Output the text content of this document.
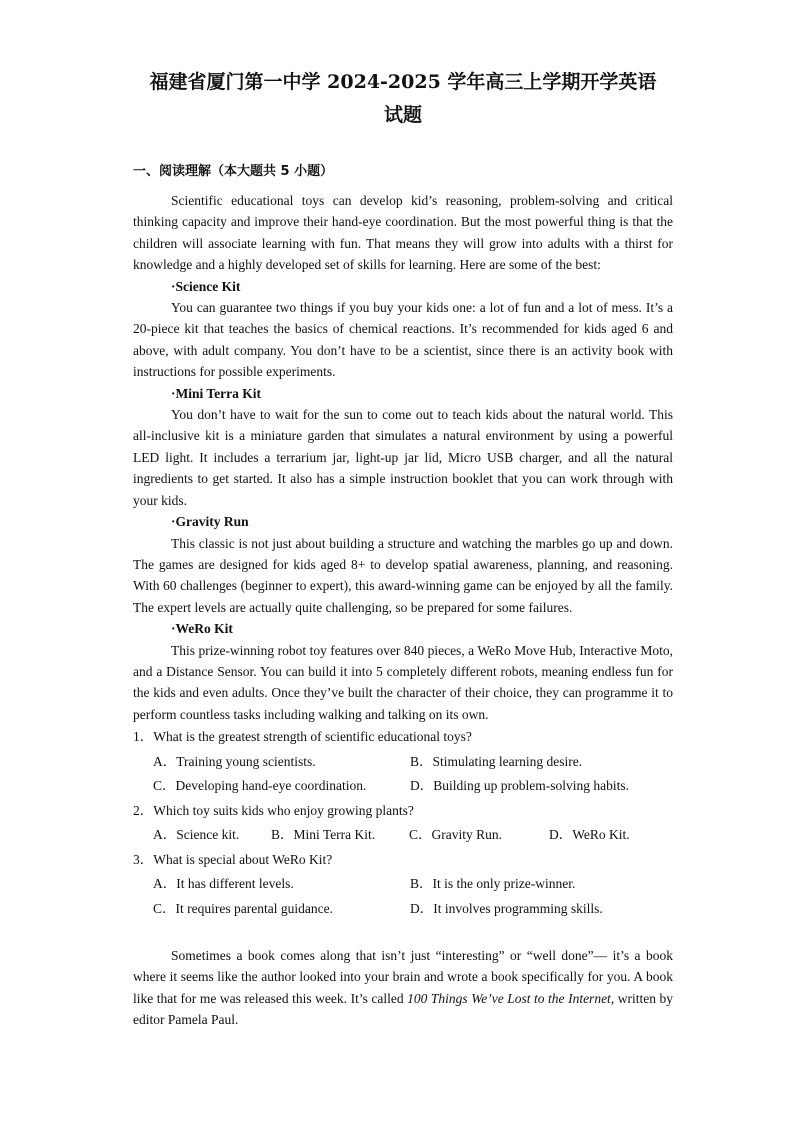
福建省厦门第一中学 2024-2025 学年高三上学期开学英语
试题
一、阅读理解（本大题共 5 小题）

Scientific educational toys can develop kid’s reasoning, problem-solving and critical thinking capacity and improve their hand-eye coordination. But the most powerful thing is that the children will associate learning with fun. That means they will grow into adults with a thirst for knowledge and a highly developed set of skills for learning. Here are some of the best:

·Science Kit

You can guarantee two things if you buy your kids one: a lot of fun and a lot of mess. It’s a 20-piece kit that teaches the basics of chemical reactions. It’s recommended for kids aged 6 and above, with adult company. You don’t have to be a scientist, since there is an activity book with instructions for possible experiments.

·Mini Terra Kit

You don’t have to wait for the sun to come out to teach kids about the natural world. This all-inclusive kit is a miniature garden that simulates a natural environment by using a powerful LED light. It includes a terrarium jar, light-up jar lid, Micro USB charger, and all the natural ingredients to get started. It also has a simple instruction booklet that you can work through with your kids.

·Gravity Run

This classic is not just about building a structure and watching the marbles go up and down. The games are designed for kids aged 8+ to develop spatial awareness, planning, and reasoning. With 60 challenges (beginner to expert), this award-winning game can be enjoyed by all the family. The expert levels are actually quite challenging, so be prepared for some failures.

·WeRo Kit

This prize-winning robot toy features over 840 pieces, a WeRo Move Hub, Interactive Moto, and a Distance Sensor. You can build it into 5 completely different robots, meaning endless fun for the kids and even adults. Once they’ve built the character of their choice, they can programme it to perform countless tasks including walking and talking on its own.

1．What is the greatest strength of scientific educational toys?
A．Training young scientists.	B．Stimulating learning desire.
C．Developing hand-eye coordination.	D．Building up problem-solving habits.
2．Which toy suits kids who enjoy growing plants?
A．Science kit.	B．Mini Terra Kit.	C．Gravity Run.	D．WeRo Kit.
3．What is special about WeRo Kit?
A．It has different levels.	B．It is the only prize-winner.
C．It requires parental guidance.	D．It involves programming skills.

Sometimes a book comes along that isn’t just “interesting” or “well done”— it’s a book where it seems like the author looked into your brain and wrote a book specifically for you. A book like that for me was released this week. It’s called 100 Things We’ve Lost to the Internet, written by editor Pamela Paul.
